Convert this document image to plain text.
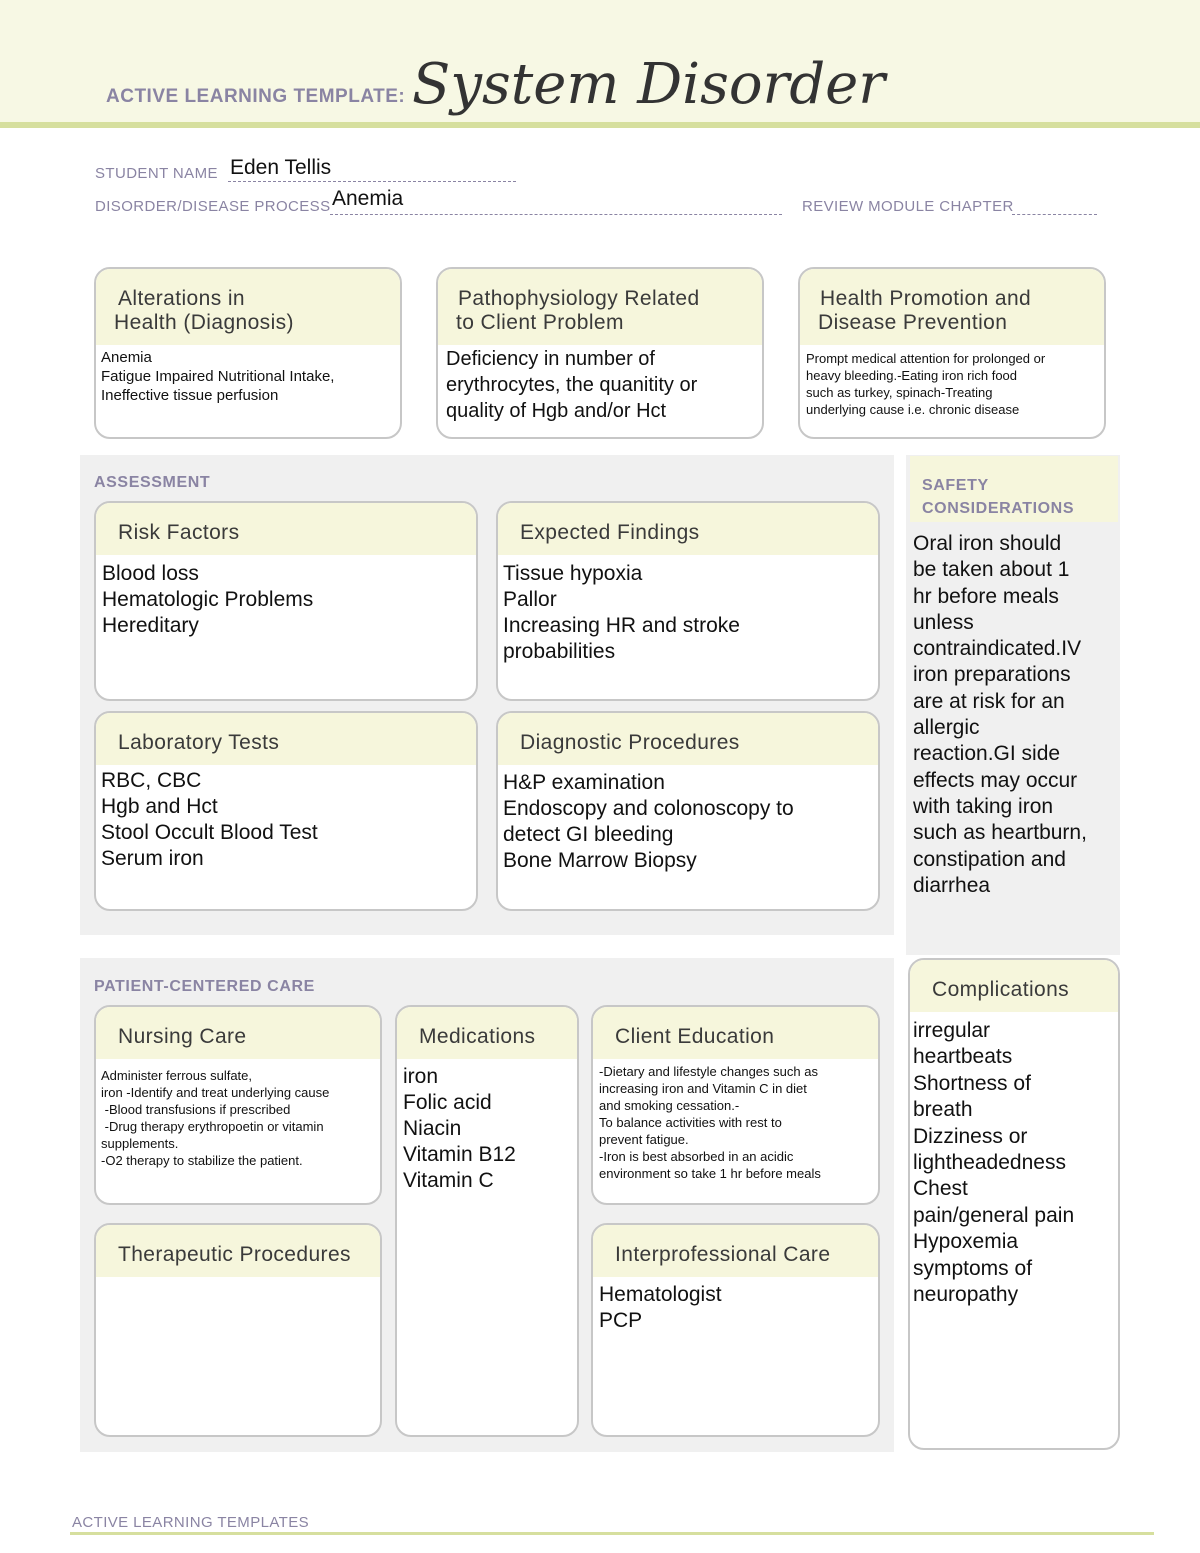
ACTIVE LEARNING TEMPLATE: System Disorder
STUDENT NAME Eden Tellis
DISORDER/DISEASE PROCESS Anemia	REVIEW MODULE CHAPTER
Alterations in
Health (Diagnosis)
Anemia
Fatigue Impaired Nutritional Intake,
Ineffective tissue perfusion
Pathophysiology Related
to Client Problem
Deficiency in number of
erythrocytes, the quanitity or
quality of Hgb and/or Hct
Health Promotion and
Disease Prevention
Prompt medical attention for prolonged or
heavy bleeding.-Eating iron rich food
such as turkey, spinach-Treating
underlying cause i.e. chronic disease
ASSESSMENT
Risk Factors
Blood loss
Hematologic Problems
Hereditary
Expected Findings
Tissue hypoxia
Pallor
Increasing HR and stroke
probabilities
Laboratory Tests
RBC, CBC
Hgb and Hct
Stool Occult Blood Test
Serum iron
Diagnostic Procedures
H&P examination
Endoscopy and colonoscopy to
detect GI bleeding
Bone Marrow Biopsy
SAFETY
CONSIDERATIONS
Oral iron should
be taken about 1
hr before meals
unless
contraindicated.IV
iron preparations
are at risk for an
allergic
reaction.GI side
effects may occur
with taking iron
such as heartburn,
constipation and
diarrhea
PATIENT-CENTERED CARE
Nursing Care
Administer ferrous sulfate,
iron -Identify and treat underlying cause
-Blood transfusions if prescribed
-Drug therapy erythropoetin or vitamin
supplements.
-O2 therapy to stabilize the patient.
Medications
iron
Folic acid
Niacin
Vitamin B12
Vitamin C
Client Education
-Dietary and lifestyle changes such as
increasing iron and Vitamin C in diet
and smoking cessation.-
To balance activities with rest to
prevent fatigue.
-Iron is best absorbed in an acidic
environment so take 1 hr before meals
Therapeutic Procedures	Interprofessional Care
Hematologist
PCP
Complications
irregular
heartbeats
Shortness of
breath
Dizziness or
lightheadedness
Chest
pain/general pain
Hypoxemia
symptoms of
neuropathy
ACTIVE LEARNING TEMPLATES
